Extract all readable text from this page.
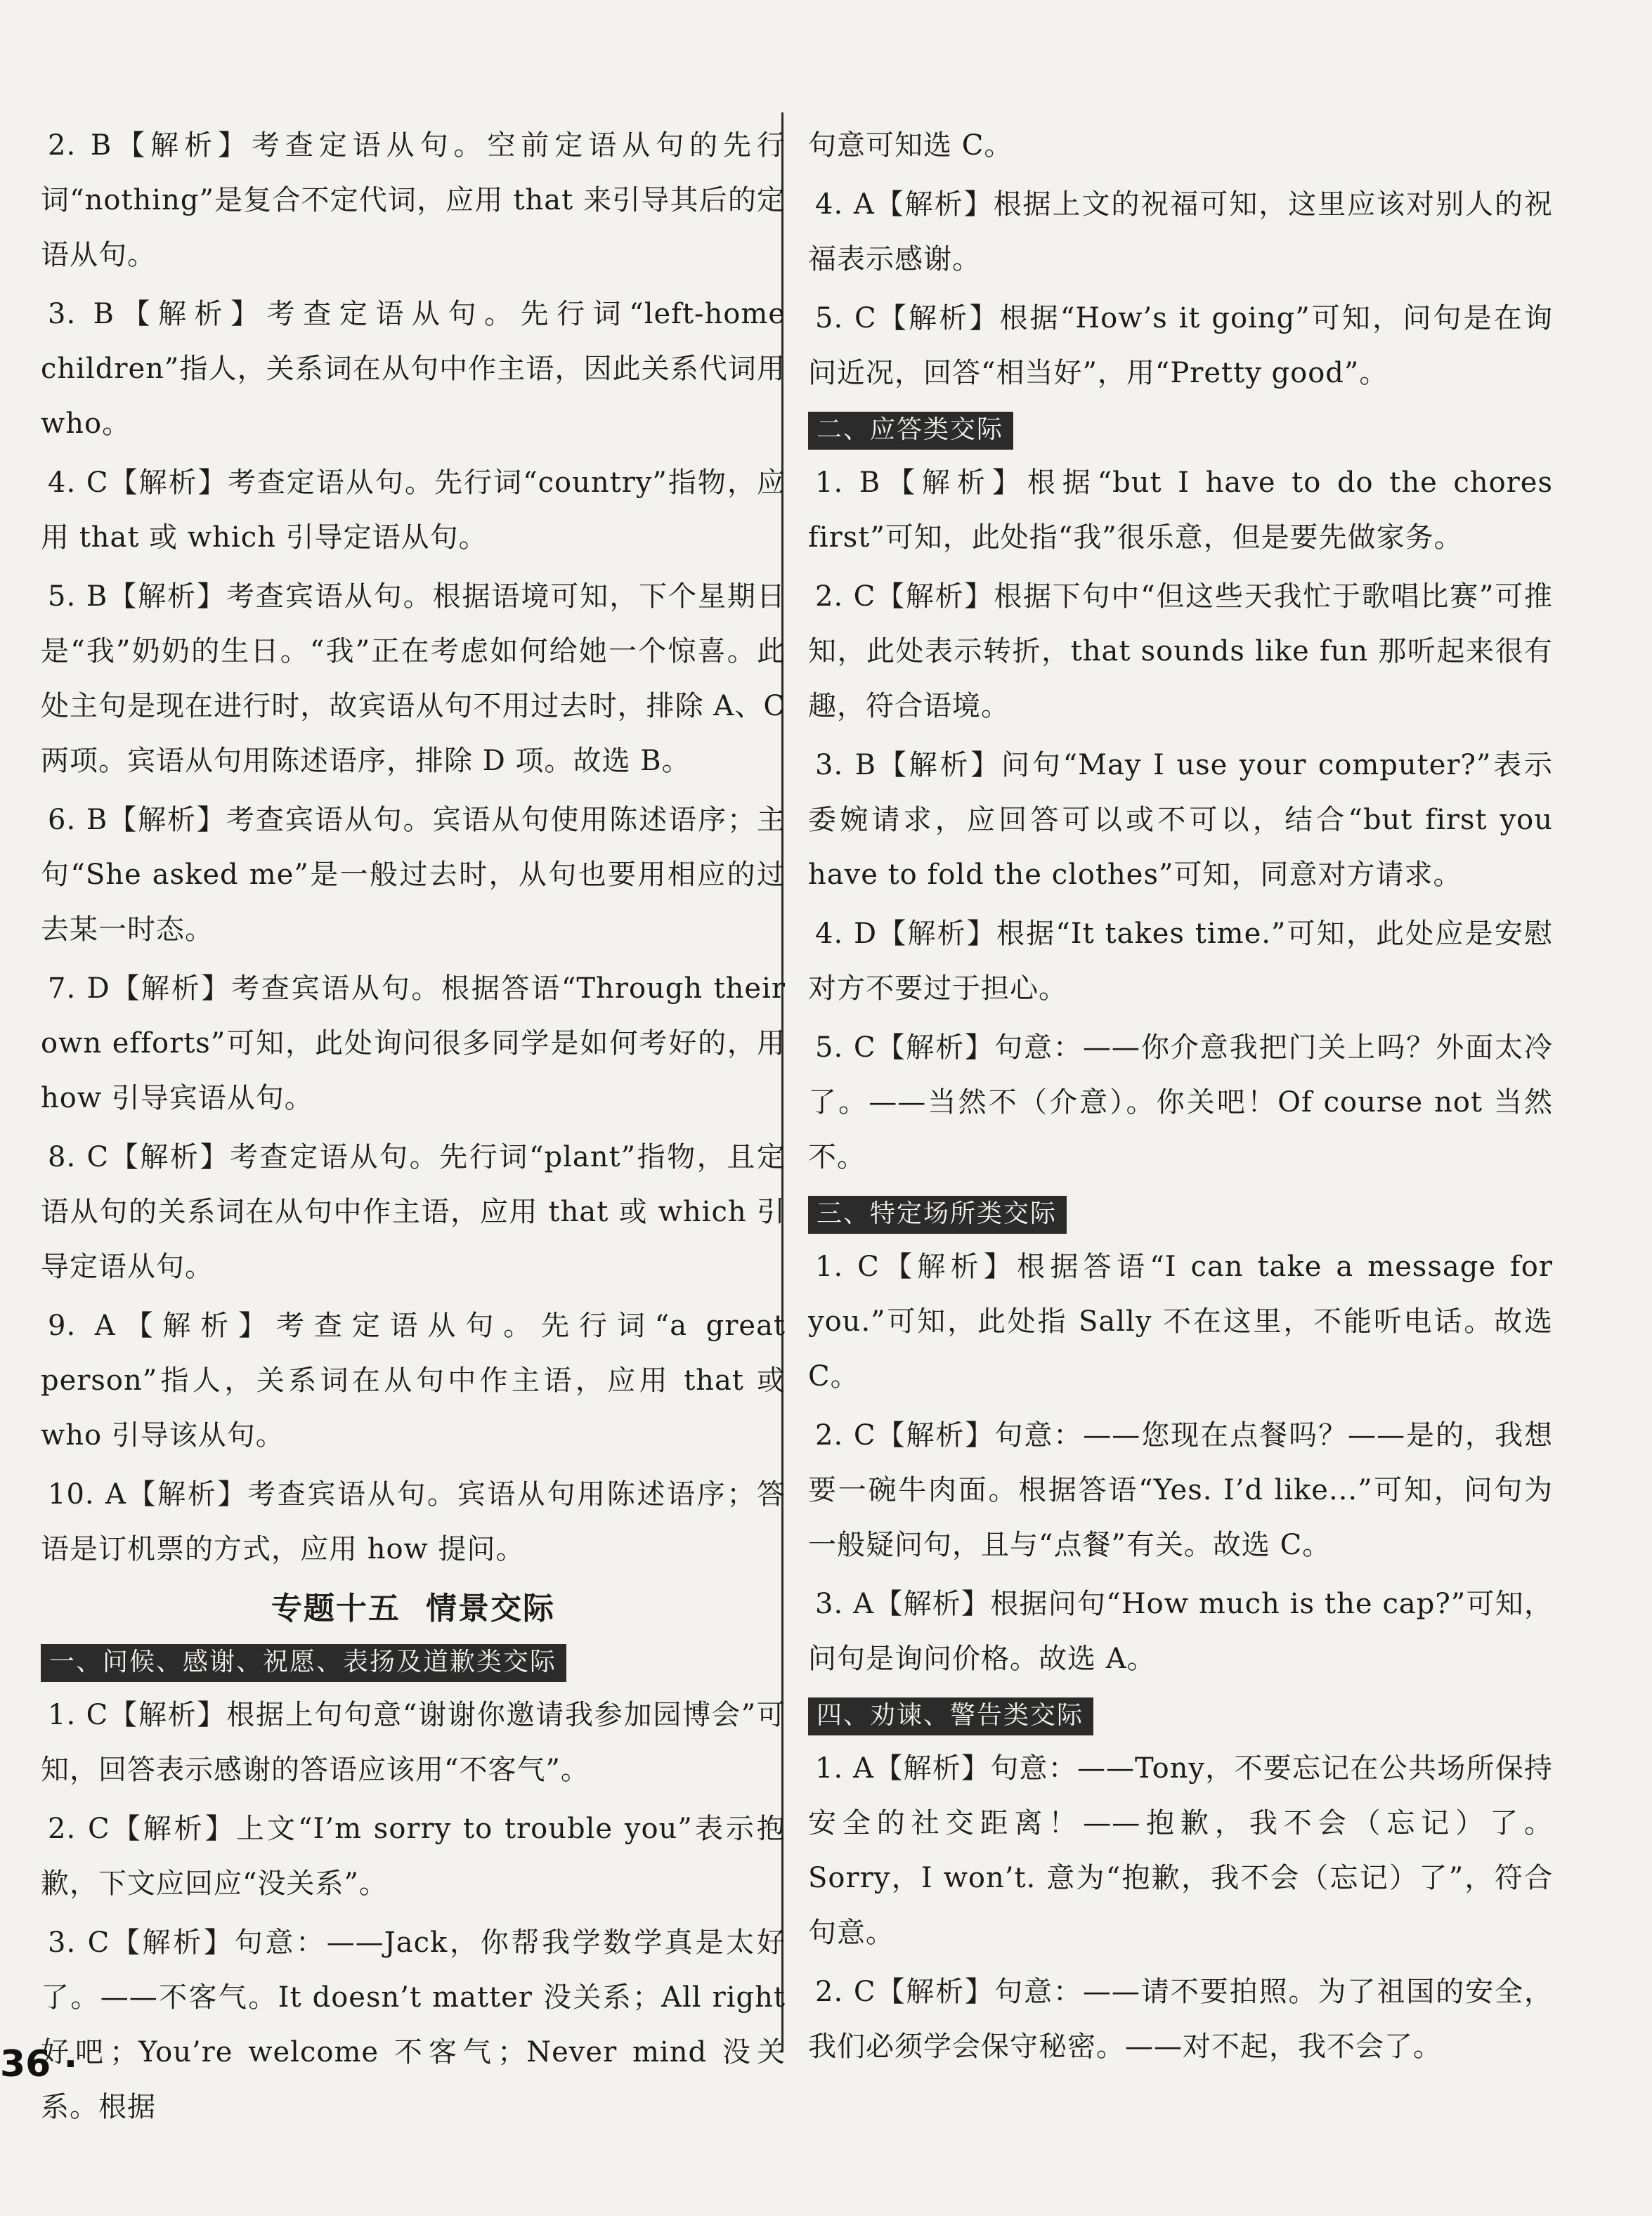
2. B【解析】考查定语从句。空前定语从句的先行词“nothing”是复合不定代词，应用 that 来引导其后的定语从句。

3. B【解析】考查定语从句。先行词“left-home children”指人，关系词在从句中作主语，因此关系代词用 who。

4. C【解析】考查定语从句。先行词“country”指物，应用 that 或 which 引导定语从句。

5. B【解析】考查宾语从句。根据语境可知，下个星期日是“我”奶奶的生日。“我”正在考虑如何给她一个惊喜。此处主句是现在进行时，故宾语从句不用过去时，排除 A、C 两项。宾语从句用陈述语序，排除 D 项。故选 B。

6. B【解析】考查宾语从句。宾语从句使用陈述语序；主句“She asked me”是一般过去时，从句也要用相应的过去某一时态。

7. D【解析】考查宾语从句。根据答语“Through their own efforts”可知，此处询问很多同学是如何考好的，用 how 引导宾语从句。

8. C【解析】考查定语从句。先行词“plant”指物，且定语从句的关系词在从句中作主语，应用 that 或 which 引导定语从句。

9. A【解析】考查定语从句。先行词“a great person”指人，关系词在从句中作主语，应用 that 或 who 引导该从句。

10. A【解析】考查宾语从句。宾语从句用陈述语序；答语是订机票的方式，应用 how 提问。

专题十五 情景交际
一、问候、感谢、祝愿、表扬及道歉类交际

1. C【解析】根据上句句意“谢谢你邀请我参加园博会”可知，回答表示感谢的答语应该用“不客气”。

2. C【解析】上文“I’m sorry to trouble you”表示抱歉，下文应回应“没关系”。

3. C【解析】句意：——Jack，你帮我学数学真是太好了。——不客气。It doesn’t matter 没关系；All right 好吧；You’re welcome 不客气；Never mind 没关系。根据

句意可知选 C。

4. A【解析】根据上文的祝福可知，这里应该对别人的祝福表示感谢。

5. C【解析】根据“How’s it going”可知，问句是在询问近况，回答“相当好”，用“Pretty good”。

二、应答类交际

1. B【解析】根据“but I have to do the chores first”可知，此处指“我”很乐意，但是要先做家务。

2. C【解析】根据下句中“但这些天我忙于歌唱比赛”可推知，此处表示转折，that sounds like fun 那听起来很有趣，符合语境。

3. B【解析】问句“May I use your computer?”表示委婉请求，应回答可以或不可以，结合“but first you have to fold the clothes”可知，同意对方请求。

4. D【解析】根据“It takes time.”可知，此处应是安慰对方不要过于担心。

5. C【解析】句意：——你介意我把门关上吗？外面太冷了。——当然不（介意）。你关吧！Of course not 当然不。

三、特定场所类交际

1. C【解析】根据答语“I can take a message for you.”可知，此处指 Sally 不在这里，不能听电话。故选 C。

2. C【解析】句意：——您现在点餐吗？——是的，我想要一碗牛肉面。根据答语“Yes. I’d like...”可知，问句为一般疑问句，且与“点餐”有关。故选 C。

3. A【解析】根据问句“How much is the cap?”可知，问句是询问价格。故选 A。

四、劝谏、警告类交际

1. A【解析】句意：——Tony，不要忘记在公共场所保持安全的社交距离！——抱歉，我不会（忘记）了。Sorry，I won’t. 意为“抱歉，我不会（忘记）了”，符合句意。

2. C【解析】句意：——请不要拍照。为了祖国的安全，我们必须学会保守秘密。——对不起，我不会了。

36 ·
